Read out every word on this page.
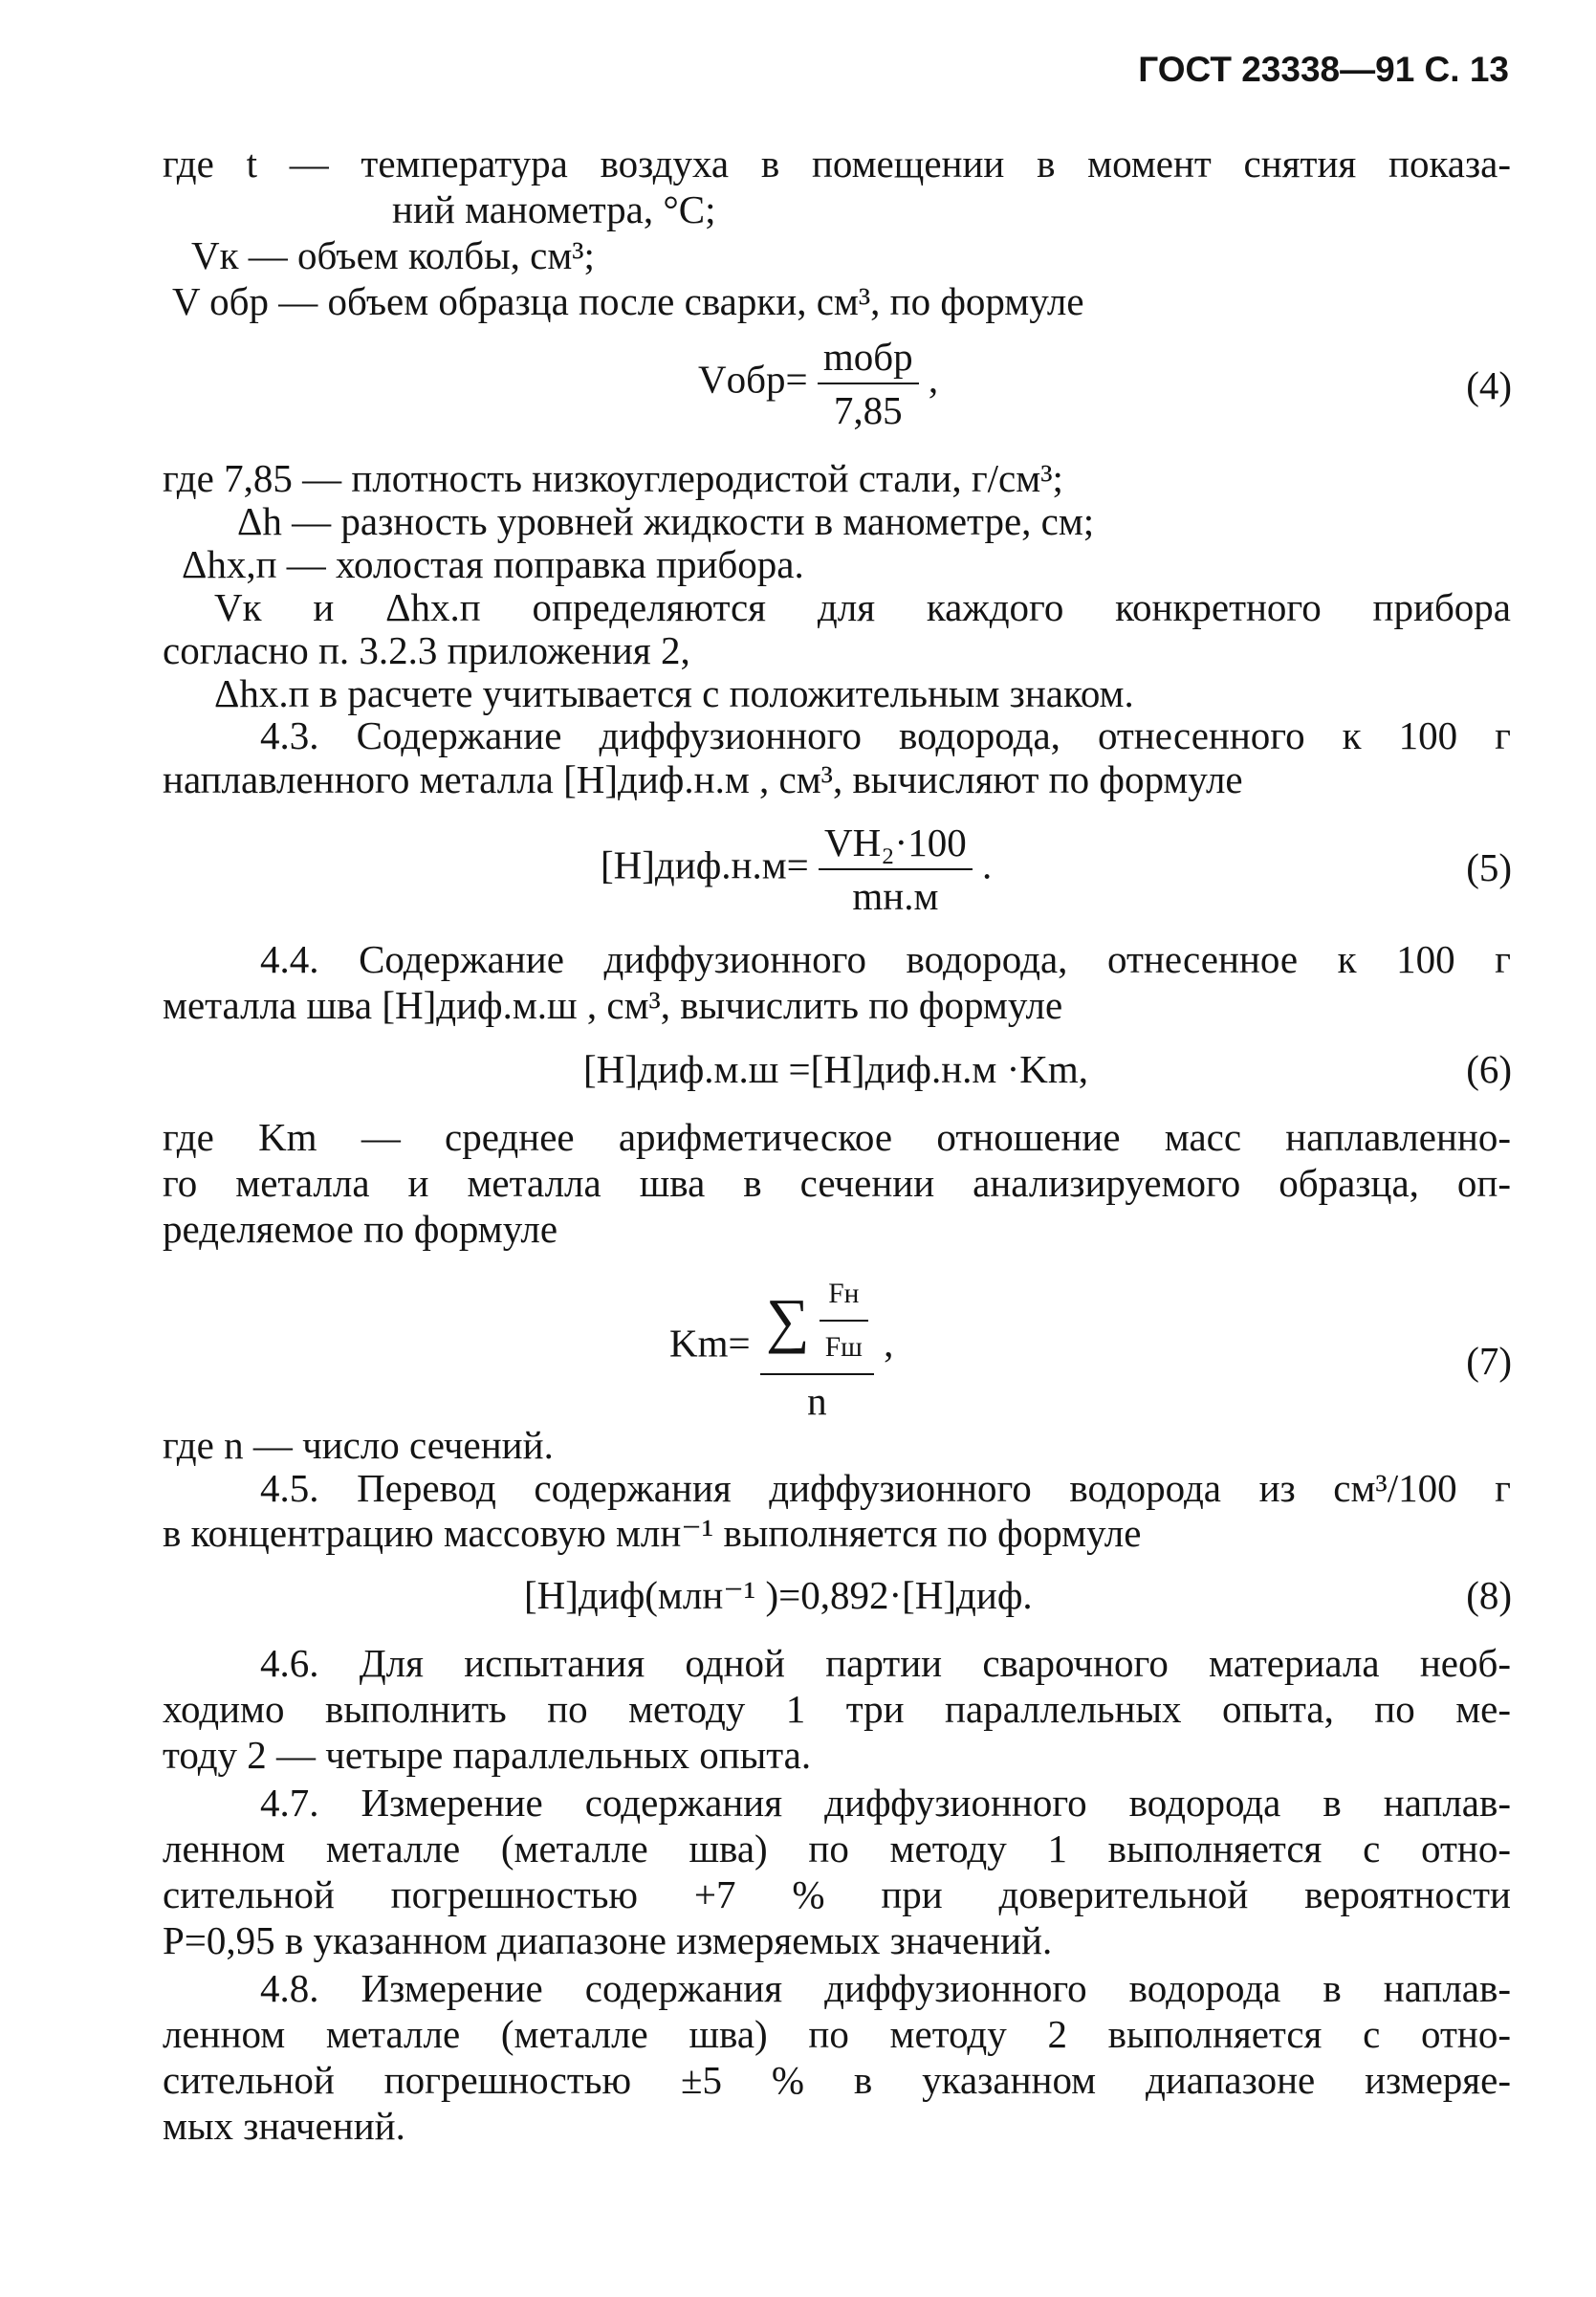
ГОСТ 23338—91 С. 13
где t — температура воздуха в помещении в момент снятия показа-
ний манометра, °С;
Vк — объем колбы, см³;
V обр — объем образца после сварки, см³, по формуле
Vобр= $\frac{\text{mобр}}{7,85}$ ,	(4)
где 7,85 — плотность низкоуглеродистой стали, г/см³;
Δh — разность уровней жидкости в манометре, см;
Δhх,п — холостая поправка прибора.
Vк и Δhх.п определяются для каждого конкретного прибора
согласно п. 3.2.3 приложения 2,
Δhх.п в расчете учитывается с положительным знаком.
4.3. Содержание диффузионного водорода, отнесенного к 100 г
наплавленного металла [Н]диф.н.м , см³, вычисляют по формуле
$[Н]диф.н.м= \frac{\text{VH₂·100}}{mн.м}$ .	(5)
4.4. Содержание диффузионного водорода, отнесенное к 100 г
металла шва [Н]диф.м.ш , см³, вычислить по формуле
[Н]диф.м.ш =[Н]диф.н.м ·Km,	(6)
где Km — среднее арифметическое отношение масс наплавленно-
го металла и металла шва в сечении анализируемого образца, оп-
ределяемое по формуле
$Km= \frac{\sum \frac{Fн}{Fш}}{n}$ ,	(7)
где n — число сечений.
4.5. Перевод содержания диффузионного водорода из см³/100 г
в концентрацию массовую млн⁻¹ выполняется по формуле
[Н]диф(млн⁻¹ )=0,892·[Н]диф.	(8)
4.6. Для испытания одной партии сварочного материала необ-
ходимо выполнить по методу 1 три параллельных опыта, по ме-
тоду 2 — четыре параллельных опыта.
4.7. Измерение содержания диффузионного водорода в наплав-
ленном металле (металле шва) по методу 1 выполняется с отно-
сительной погрешностью +7 % при доверительной вероятности
P=0,95 в указанном диапазоне измеряемых значений.
4.8. Измерение содержания диффузионного водорода в наплав-
ленном металле (металле шва) по методу 2 выполняется с отно-
сительной погрешностью ±5 % в указанном диапазоне измеряе-
мых значений.
